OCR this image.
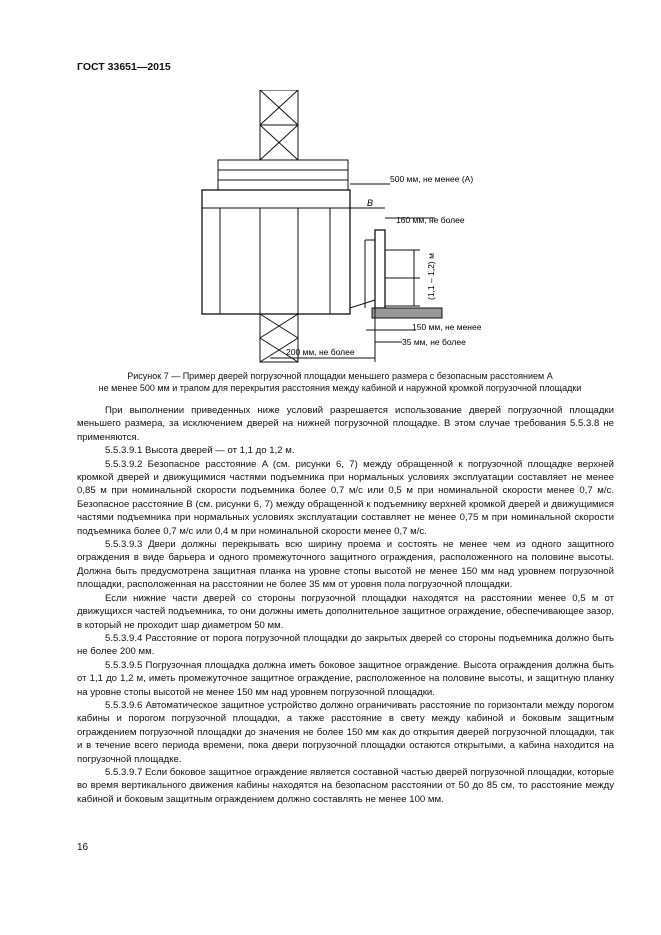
ГОСТ 33651—2015
500 мм, не менее (A)
B
160 мм, не более
(1,1 – 1,2) м
150 мм, не менее
35 мм, не более
200 мм, не более
Рисунок 7 — Пример дверей погрузочной площадки меньшего размера с безопасным расстоянием A
не менее 500 мм и трапом для перекрытия расстояния между кабиной и наружной кромкой погрузочной площадки

При выполнении приведенных ниже условий разрешается использование дверей погрузочной площадки меньшего размера, за исключением дверей на нижней погрузочной площадке. В этом случае требования 5.5.3.8 не применяются.

5.5.3.9.1 Высота дверей — от 1,1 до 1,2 м.

5.5.3.9.2 Безопасное расстояние A (см. рисунки 6, 7) между обращенной к погрузочной площадке верхней кромкой дверей и движущимися частями подъемника при нормальных условиях эксплуатации составляет не менее 0,85 м при номинальной скорости подъемника более 0,7 м/с или 0,5 м при номинальной скорости менее 0,7 м/с. Безопасное расстояние B (см. рисунки 6, 7) между обращенной к подъемнику верхней кромкой дверей и движущимися частями подъемника при нормальных условиях эксплуатации составляет не менее 0,75 м при номинальной скорости подъемника более 0,7 м/с или 0,4 м при номинальной скорости менее 0,7 м/с.

5.5.3.9.3 Двери должны перекрывать всю ширину проема и состоять не менее чем из одного защитного ограждения в виде барьера и одного промежуточного защитного ограждения, расположенного на половине высоты. Должна быть предусмотрена защитная планка на уровне стопы высотой не менее 150 мм над уровнем погрузочной площадки, расположенная на расстоянии не более 35 мм от уровня пола погрузочной площадки.

Если нижние части дверей со стороны погрузочной площадки находятся на расстоянии менее 0,5 м от движущихся частей подъемника, то они должны иметь дополнительное защитное ограждение, обеспечивающее зазор, в который не проходит шар диаметром 50 мм.

5.5.3.9.4 Расстояние от порога погрузочной площадки до закрытых дверей со стороны подъемника должно быть не более 200 мм.

5.5.3.9.5 Погрузочная площадка должна иметь боковое защитное ограждение. Высота ограждения должна быть от 1,1 до 1,2 м, иметь промежуточное защитное ограждение, расположенное на половине высоты, и защитную планку на уровне стопы высотой не менее 150 мм над уровнем погрузочной площадки.

5.5.3.9.6 Автоматическое защитное устройство должно ограничивать расстояние по горизонтали между порогом кабины и порогом погрузочной площадки, а также расстояние в свету между кабиной и боковым защитным ограждением погрузочной площадки до значения не более 150 мм как до открытия дверей погрузочной площадки, так и в течение всего периода времени, пока двери погрузочной площадки остаются открытыми, а кабина находится на погрузочной площадке.

5.5.3.9.7 Если боковое защитное ограждение является составной частью дверей погрузочной площадки, которые во время вертикального движения кабины находятся на безопасном расстоянии от 50 до 85 см, то расстояние между кабиной и боковым защитным ограждением должно составлять не менее 100 мм.

16
